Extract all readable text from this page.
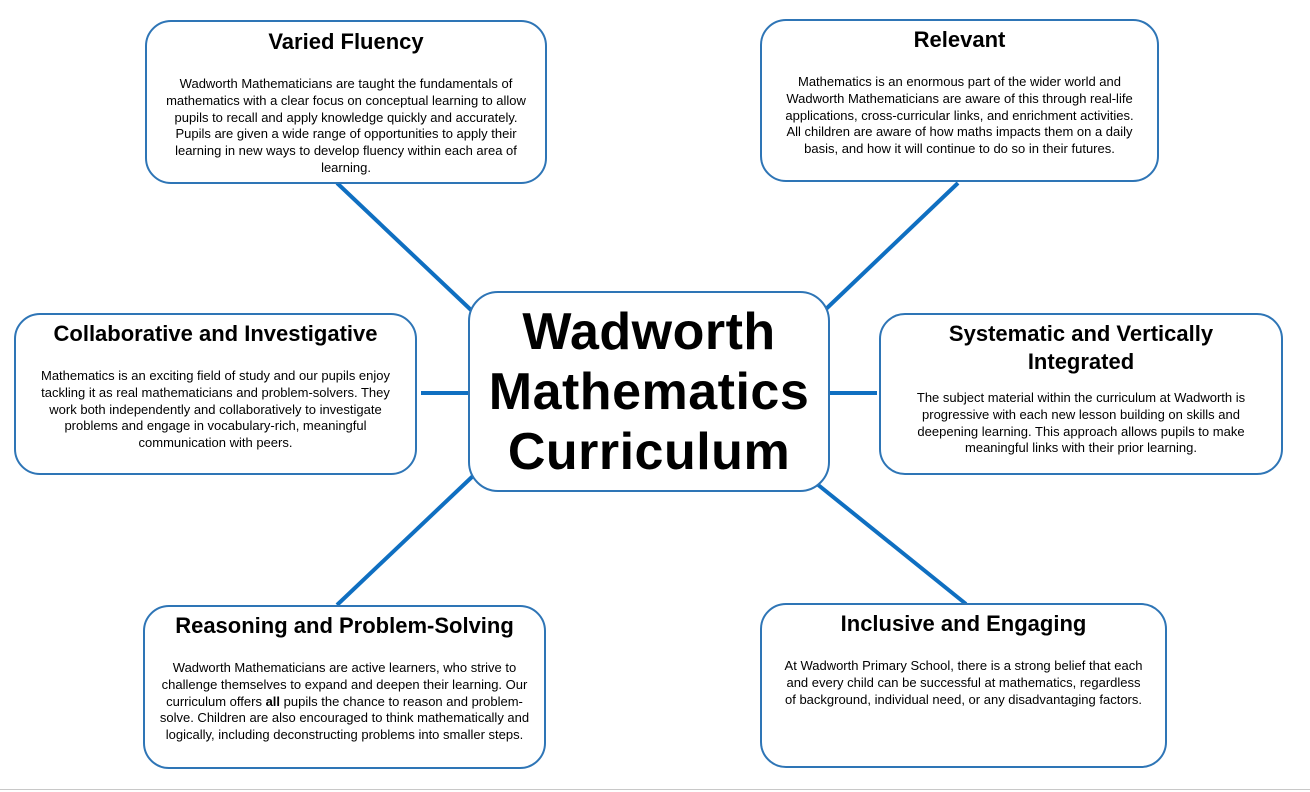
Wadworth Mathematics Curriculum
Varied Fluency

Wadworth Mathematicians are taught the fundamentals of mathematics with a clear focus on conceptual learning to allow pupils to recall and apply knowledge quickly and accurately. Pupils are given a wide range of opportunities to apply their learning in new ways to develop fluency within each area of learning.

Relevant

Mathematics is an enormous part of the wider world and Wadworth Mathematicians are aware of this through real-life applications, cross-curricular links, and enrichment activities. All children are aware of how maths impacts them on a daily basis, and how it will continue to do so in their futures.

Collaborative and Investigative

Mathematics is an exciting field of study and our pupils enjoy tackling it as real mathematicians and problem-solvers. They work both independently and collaboratively to investigate problems and engage in vocabulary-rich, meaningful communication with peers.

Systematic and Vertically Integrated

The subject material within the curriculum at Wadworth is progressive with each new lesson building on skills and deepening learning. This approach allows pupils to make meaningful links with their prior learning.

Reasoning and Problem-Solving

Wadworth Mathematicians are active learners, who strive to challenge themselves to expand and deepen their learning. Our curriculum offers all pupils the chance to reason and problem-solve. Children are also encouraged to think mathematically and logically, including deconstructing problems into smaller steps.

Inclusive and Engaging

At Wadworth Primary School, there is a strong belief that each and every child can be successful at mathematics, regardless of background, individual need, or any disadvantaging factors.
